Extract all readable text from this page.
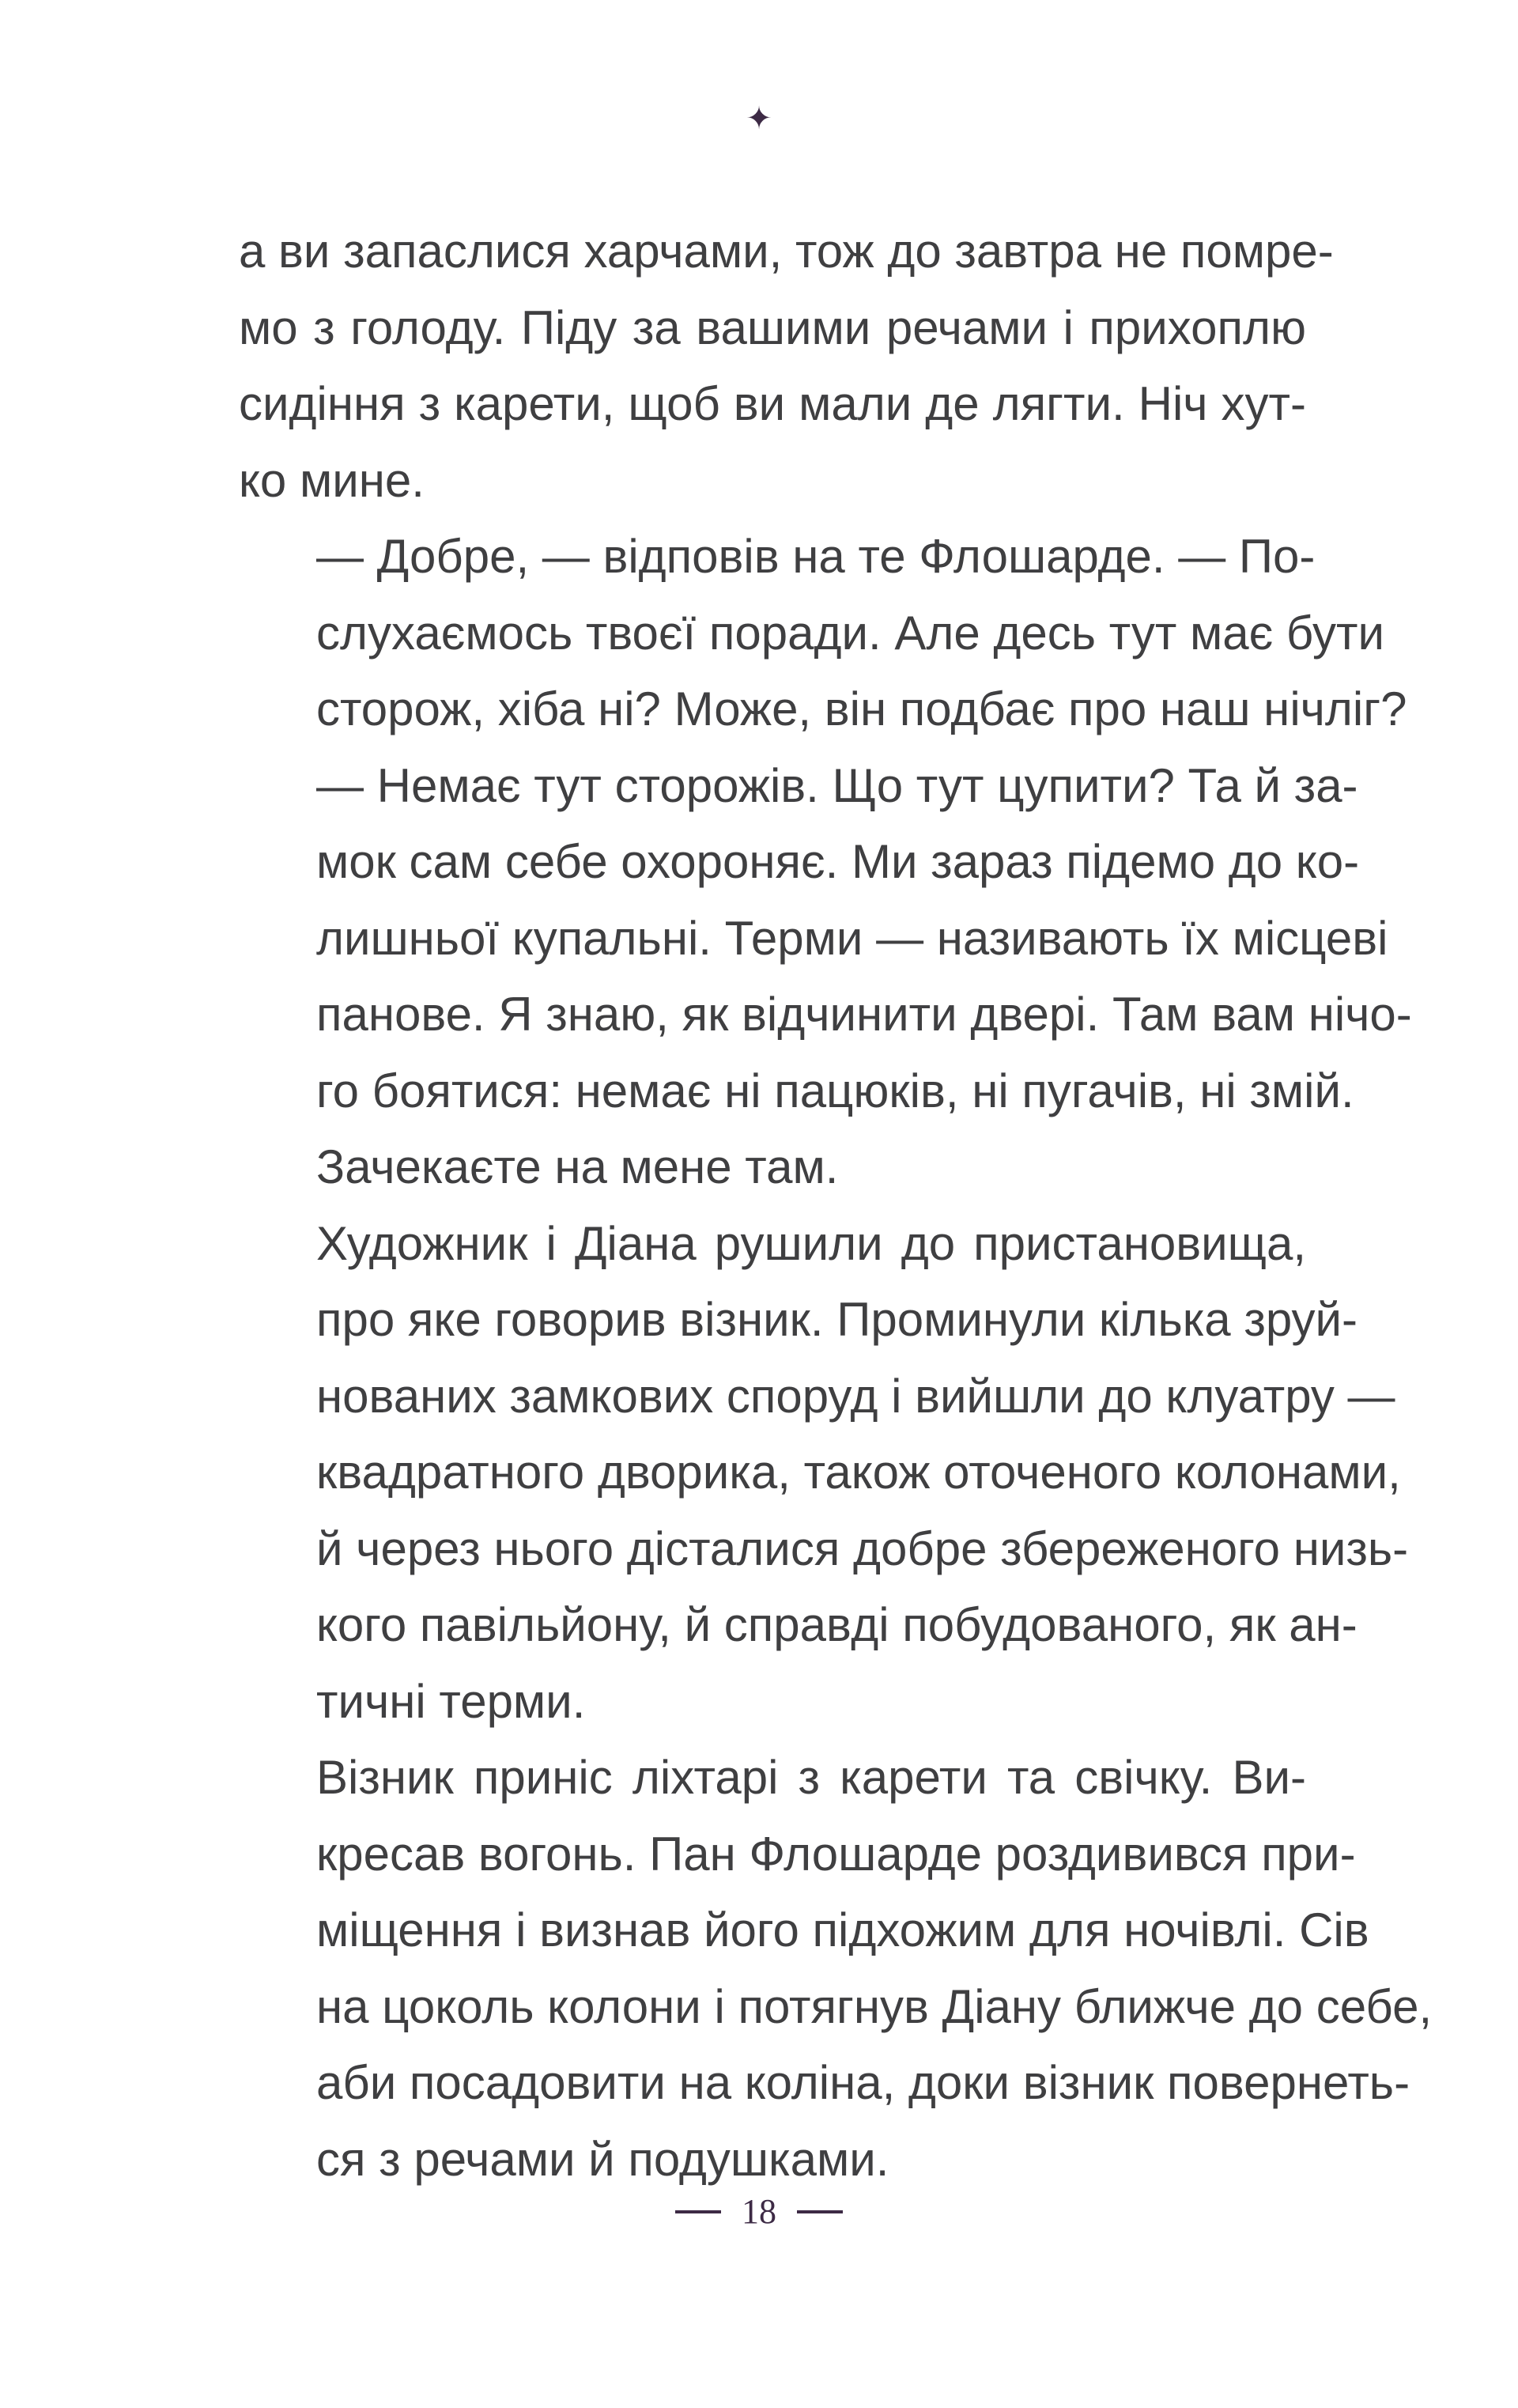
✦

а ви запаслися харчами, тож до завтра не помре-
мо з голоду. Піду за вашими речами і прихоплю
сидіння з карети, щоб ви мали де лягти. Ніч хут-
ко мине.

— Добре, — відповів на те Флошарде. — По-
слухаємось твоєї поради. Але десь тут має бути
сторож, хіба ні? Може, він подбає про наш нічліг?

— Немає тут сторожів. Що тут цупити? Та й за-
мок сам себе охороняє. Ми зараз підемо до ко-
лишньої купальні. Терми — називають їх місцеві
панове. Я знаю, як відчинити двері. Там вам нічо-
го боятися: немає ні пацюків, ні пугачів, ні змій.
Зачекаєте на мене там.

Художник і Діана рушили до пристановища,
про яке говорив візник. Проминули кілька зруй-
нованих замкових споруд і вийшли до клуатру —
квадратного дворика, також оточеного колонами,
й через нього дісталися добре збереженого низь-
кого павільйону, й справді побудованого, як ан-
тичні терми.

Візник приніс ліхтарі з карети та свічку. Ви-
кресав вогонь. Пан Флошарде роздивився при-
міщення і визнав його підхожим для ночівлі. Сів
на цоколь колони і потягнув Діану ближче до себе,
аби посадовити на коліна, доки візник повернеть-
ся з речами й подушками.

18
